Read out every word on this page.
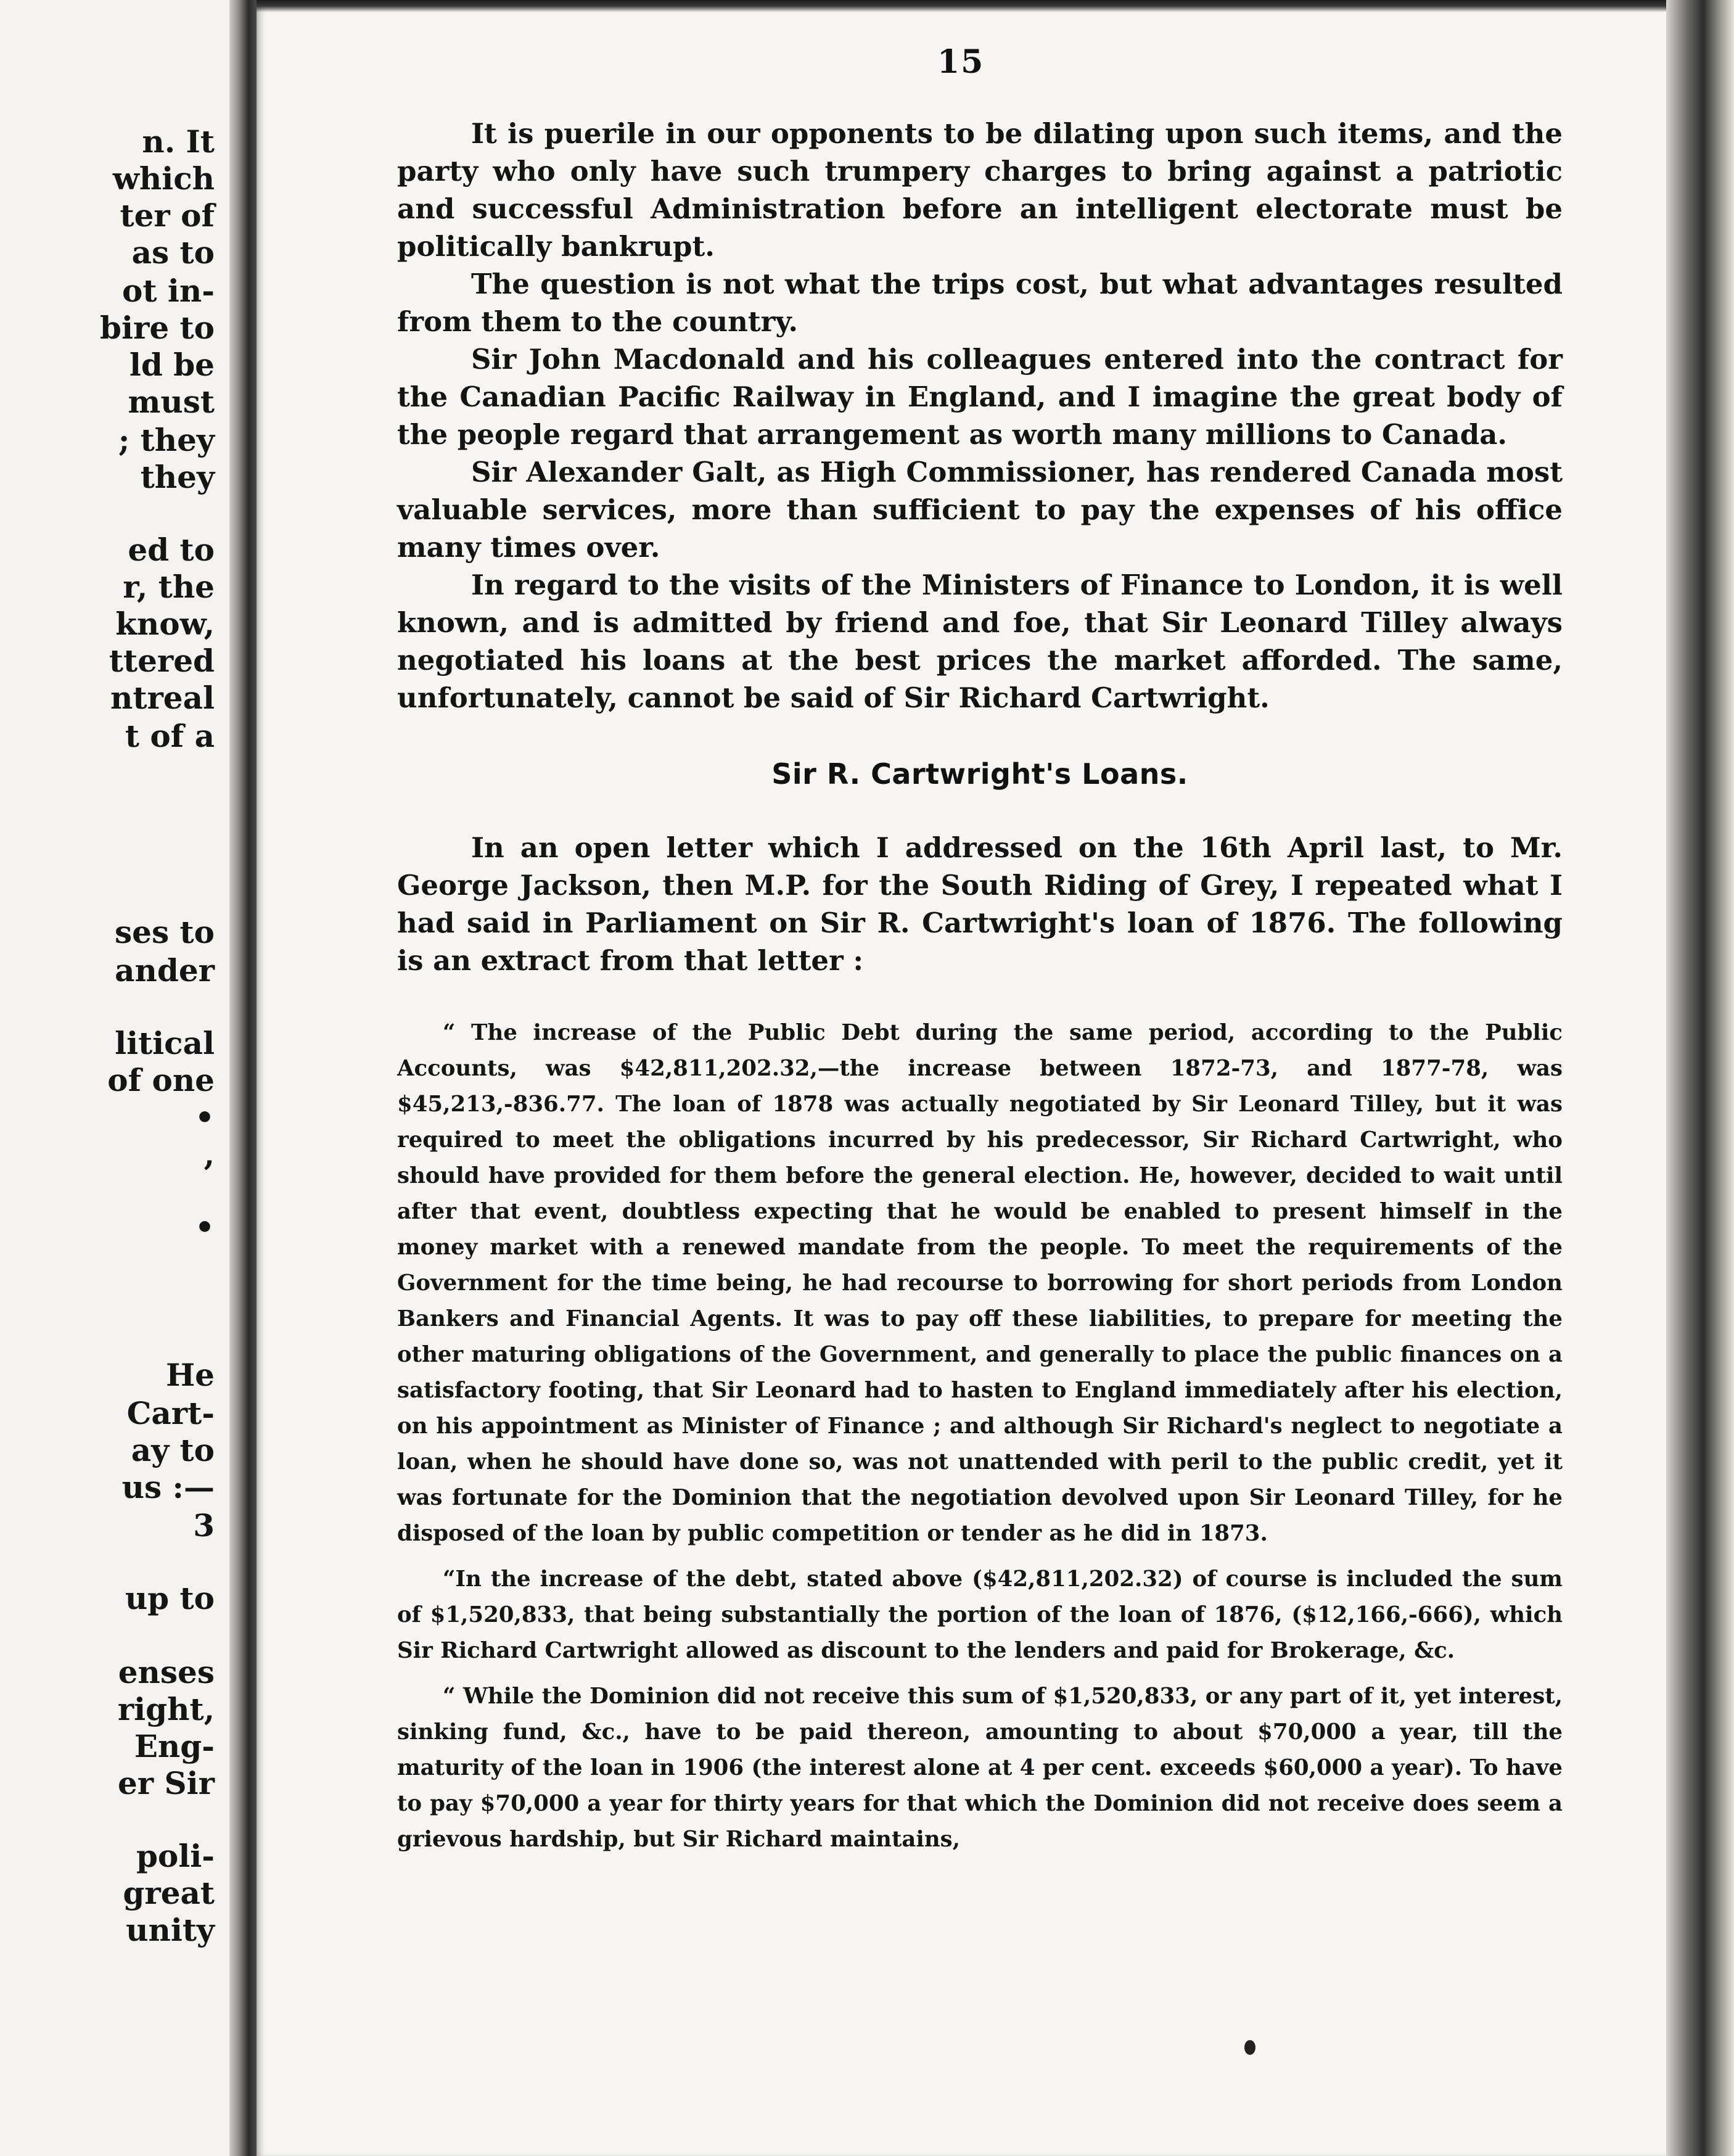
n. It
which
ter of
as to
ot in-
bire to
ld be
must
; they
they
ed to
r, the
know,
ttered
ntreal
t of a
ses to
ander
litical
of one
•
,
•
He
Cart-
ay to
us :—
3
up to
enses
right,
Eng-
er Sir
poli-
great
unity
15

It is puerile in our opponents to be dilating upon such items, and the party who only have such trumpery charges to bring against a patriotic and successful Administration before an intelligent electorate must be politically bankrupt.

The question is not what the trips cost, but what advantages resulted from them to the country.

Sir John Macdonald and his colleagues entered into the contract for the Canadian Pacific Railway in England, and I imagine the great body of the people regard that arrangement as worth many millions to Canada.

Sir Alexander Galt, as High Commissioner, has rendered Canada most valuable services, more than sufficient to pay the expenses of his office many times over.

In regard to the visits of the Ministers of Finance to London, it is well known, and is admitted by friend and foe, that Sir Leonard Tilley always negotiated his loans at the best prices the market afforded. The same, unfortunately, cannot be said of Sir Richard Cartwright.

Sir R. Cartwright's Loans.

In an open letter which I addressed on the 16th April last, to Mr. George Jackson, then M.P. for the South Riding of Grey, I repeated what I had said in Parliament on Sir R. Cartwright's loan of 1876. The following is an extract from that letter :

“ The increase of the Public Debt during the same period, according to the Public Accounts, was $42,811,202.32,—the increase between 1872-73, and 1877-78, was $45,213,-836.77. The loan of 1878 was actually negotiated by Sir Leonard Tilley, but it was required to meet the obligations incurred by his predecessor, Sir Richard Cartwright, who should have provided for them before the general election. He, however, decided to wait until after that event, doubtless expecting that he would be enabled to present himself in the money market with a renewed mandate from the people. To meet the requirements of the Government for the time being, he had recourse to borrowing for short periods from London Bankers and Financial Agents. It was to pay off these liabilities, to prepare for meeting the other maturing obligations of the Government, and generally to place the public finances on a satisfactory footing, that Sir Leonard had to hasten to England immediately after his election, on his appointment as Minister of Finance ; and although Sir Richard's neglect to negotiate a loan, when he should have done so, was not unattended with peril to the public credit, yet it was fortunate for the Dominion that the negotiation devolved upon Sir Leonard Tilley, for he disposed of the loan by public competition or tender as he did in 1873.

“In the increase of the debt, stated above ($42,811,202.32) of course is included the sum of $1,520,833, that being substantially the portion of the loan of 1876, ($12,166,-666), which Sir Richard Cartwright allowed as discount to the lenders and paid for Brokerage, &c.

“ While the Dominion did not receive this sum of $1,520,833, or any part of it, yet interest, sinking fund, &c., have to be paid thereon, amounting to about $70,000 a year, till the maturity of the loan in 1906 (the interest alone at 4 per cent. exceeds $60,000 a year). To have to pay $70,000 a year for thirty years for that which the Dominion did not receive does seem a grievous hardship, but Sir Richard maintains,
